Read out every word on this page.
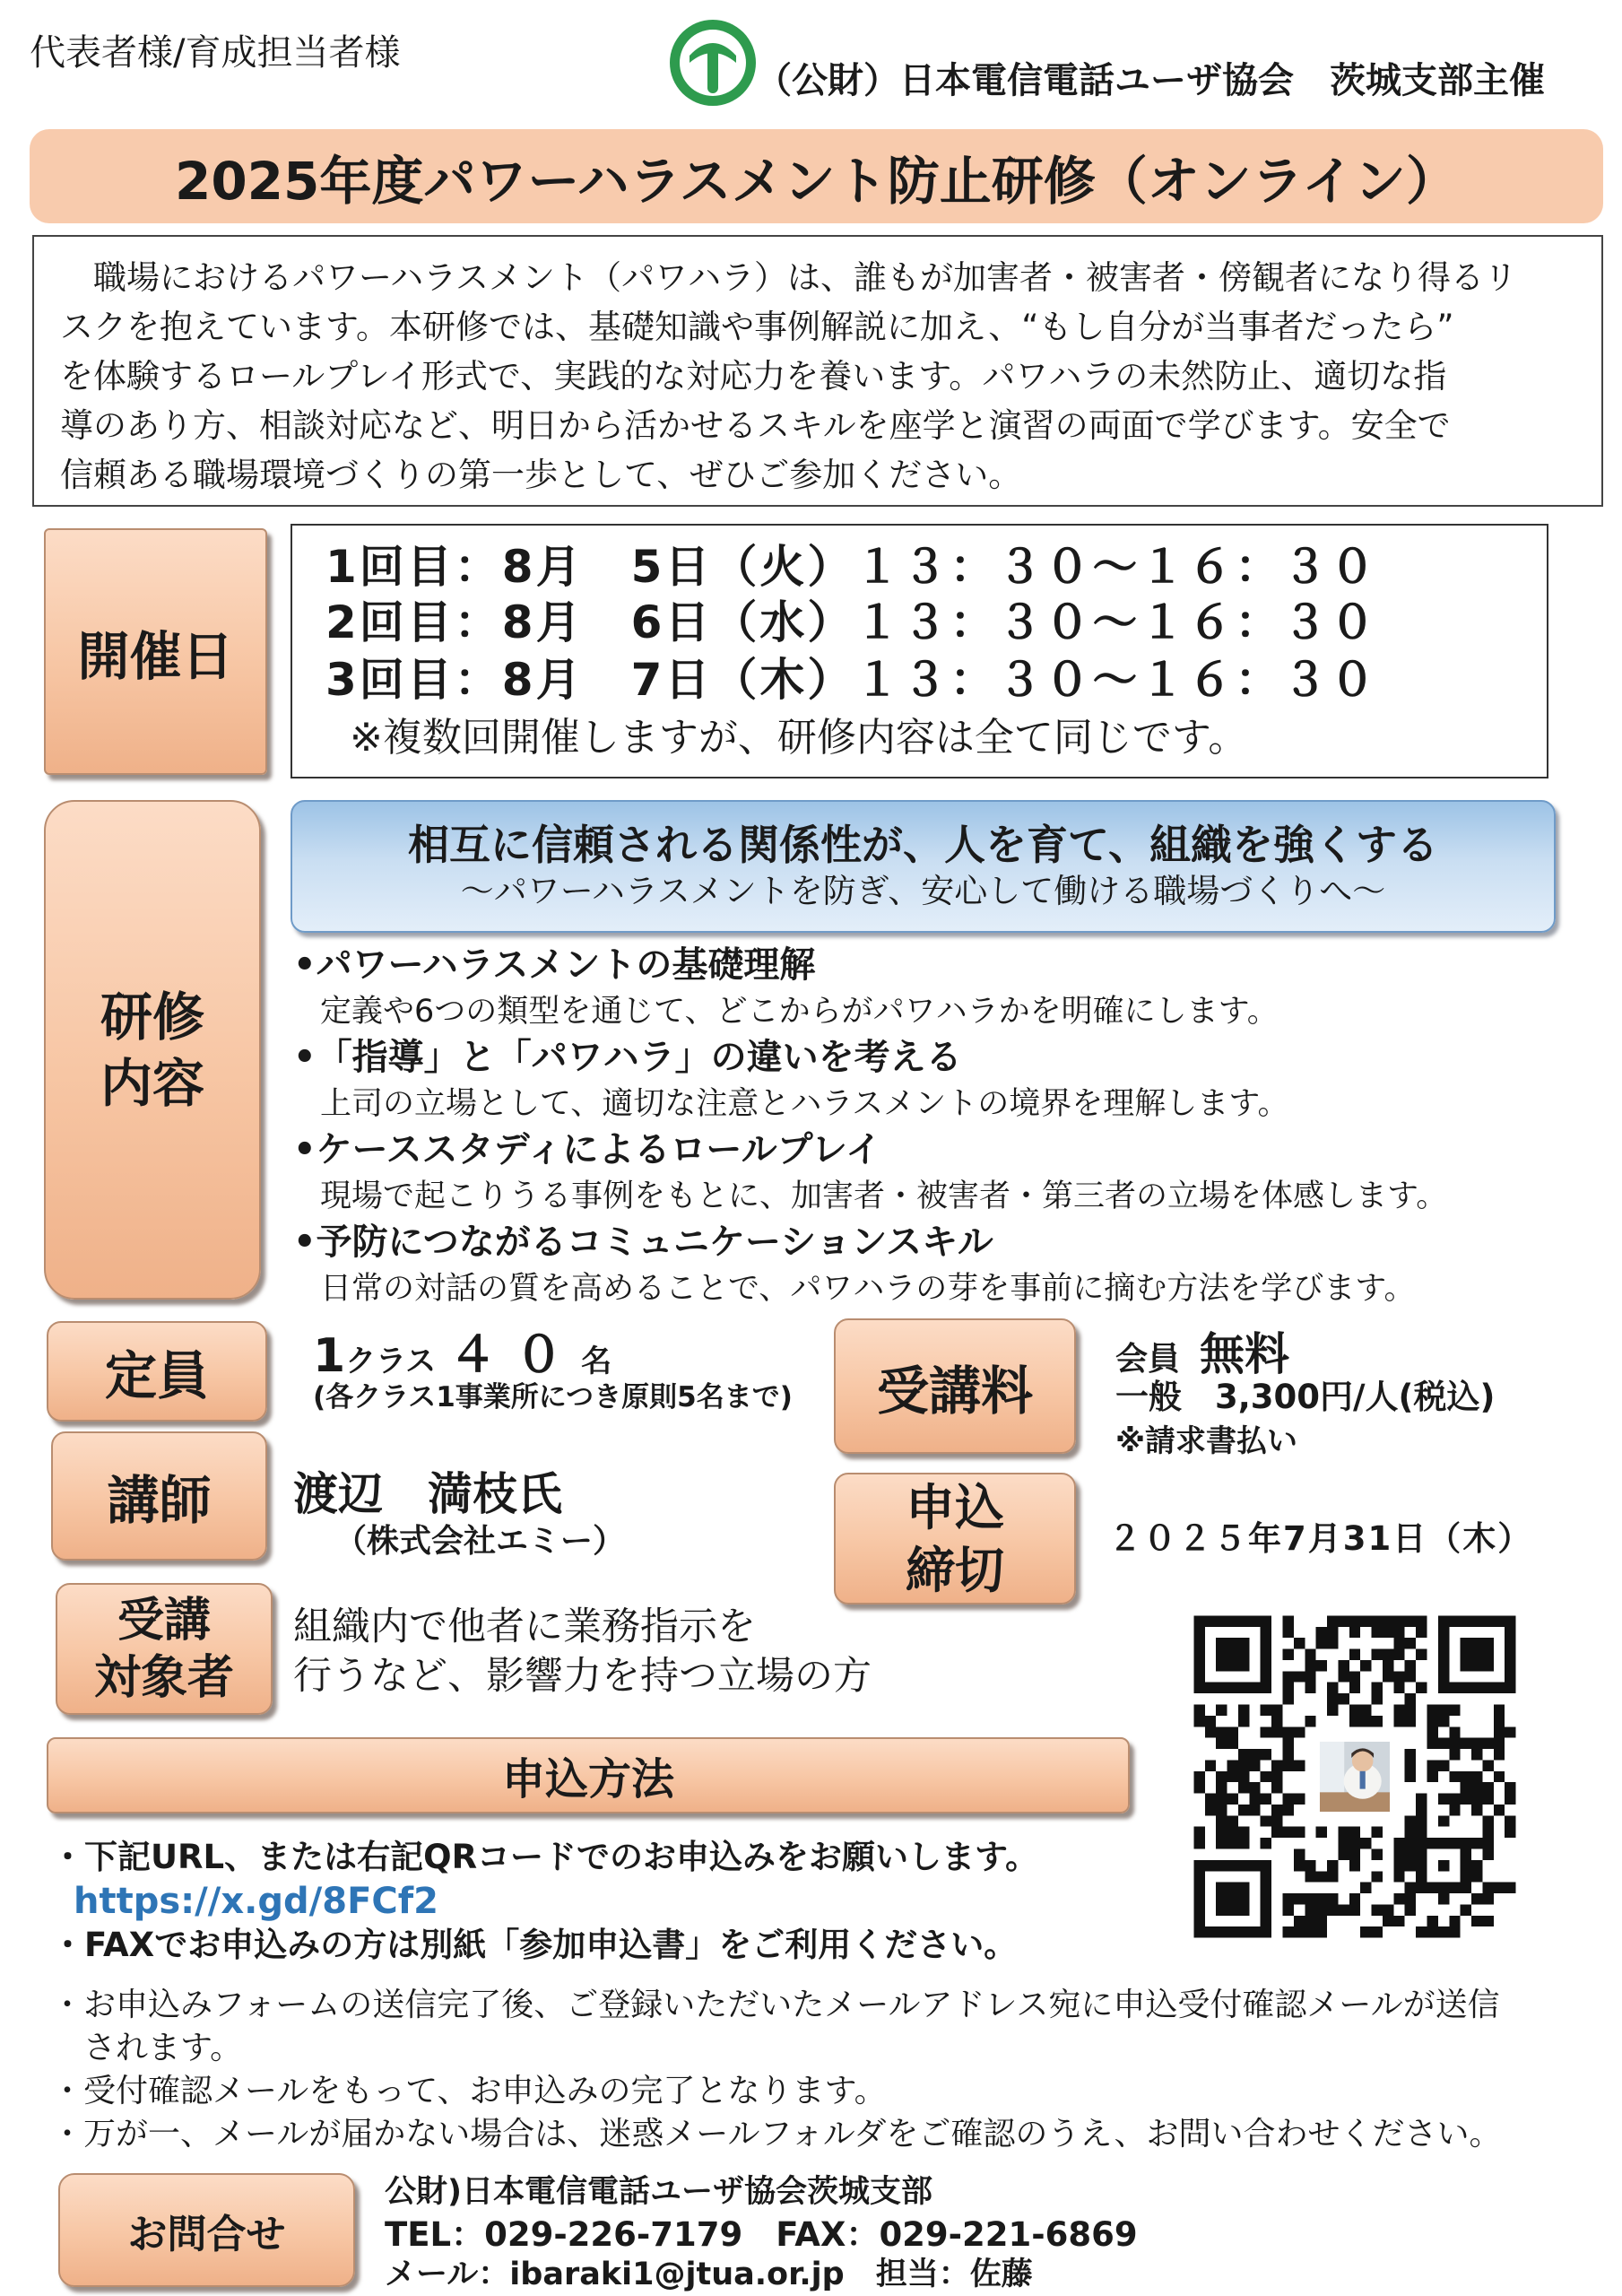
代表者様/育成担当者様
（公財）日本電信電話ユーザ協会　茨城支部主催
2025年度パワーハラスメント防止研修（オンライン）
　職場におけるパワーハラスメント（パワハラ）は、誰もが加害者・被害者・傍観者になり得るリ
スクを抱えています。本研修では、基礎知識や事例解説に加え、“もし自分が当事者だったら”
を体験するロールプレイ形式で、実践的な対応力を養います。パワハラの未然防止、適切な指
導のあり方、相談対応など、明日から活かせるスキルを座学と演習の両面で学びます。安全で
信頼ある職場環境づくりの第一歩として、ぜひご参加ください。
開催日
1回目：8月　5日（火）１３：３０～１６：３０
2回目：8月　6日（水）１３：３０～１６：３０
3回目：8月　7日（木）１３：３０～１６：３０
※複数回開催しますが、研修内容は全て同じです。
研修
内容
相互に信頼される関係性が、人を育て、組織を強くする
～パワーハラスメントを防ぎ、安心して働ける職場づくりへ～
•パワーハラスメントの基礎理解
定義や6つの類型を通じて、どこからがパワハラかを明確にします。
•「指導」と「パワハラ」の違いを考える
上司の立場として、適切な注意とハラスメントの境界を理解します。
•ケーススタディによるロールプレイ
現場で起こりうる事例をもとに、加害者・被害者・第三者の立場を体感します。
•予防につながるコミュニケーションスキル
日常の対話の質を高めることで、パワハラの芽を事前に摘む方法を学びます。
定員 1 クラス ４０ 名
(各クラス1事業所につき原則5名まで) 受講料
会員 無料
一般　3,300円/人(税込)
※請求書払い
講師 渡辺　満枝氏
（株式会社エミー）
申込
締切
２０２５年7月31日（木）
受講
対象者
組織内で他者に業務指示を
行うなど、影響力を持つ立場の方
申込方法
・下記URL、または右記QRコードでのお申込みをお願いします。
https://x.gd/8FCf2
・FAXでお申込みの方は別紙「参加申込書」をご利用ください。
・お申込みフォームの送信完了後、ご登録いただいたメールアドレス宛に申込受付確認メールが送信
　されます。
・受付確認メールをもって、お申込みの完了となります。
・万が一、メールが届かない場合は、迷惑メールフォルダをご確認のうえ、お問い合わせください。
お問合せ
公財)日本電信電話ユーザ協会茨城支部
TEL：029-226-7179　FAX：029-221-6869
メール：ibaraki1@jtua.or.jp　担当：佐藤
